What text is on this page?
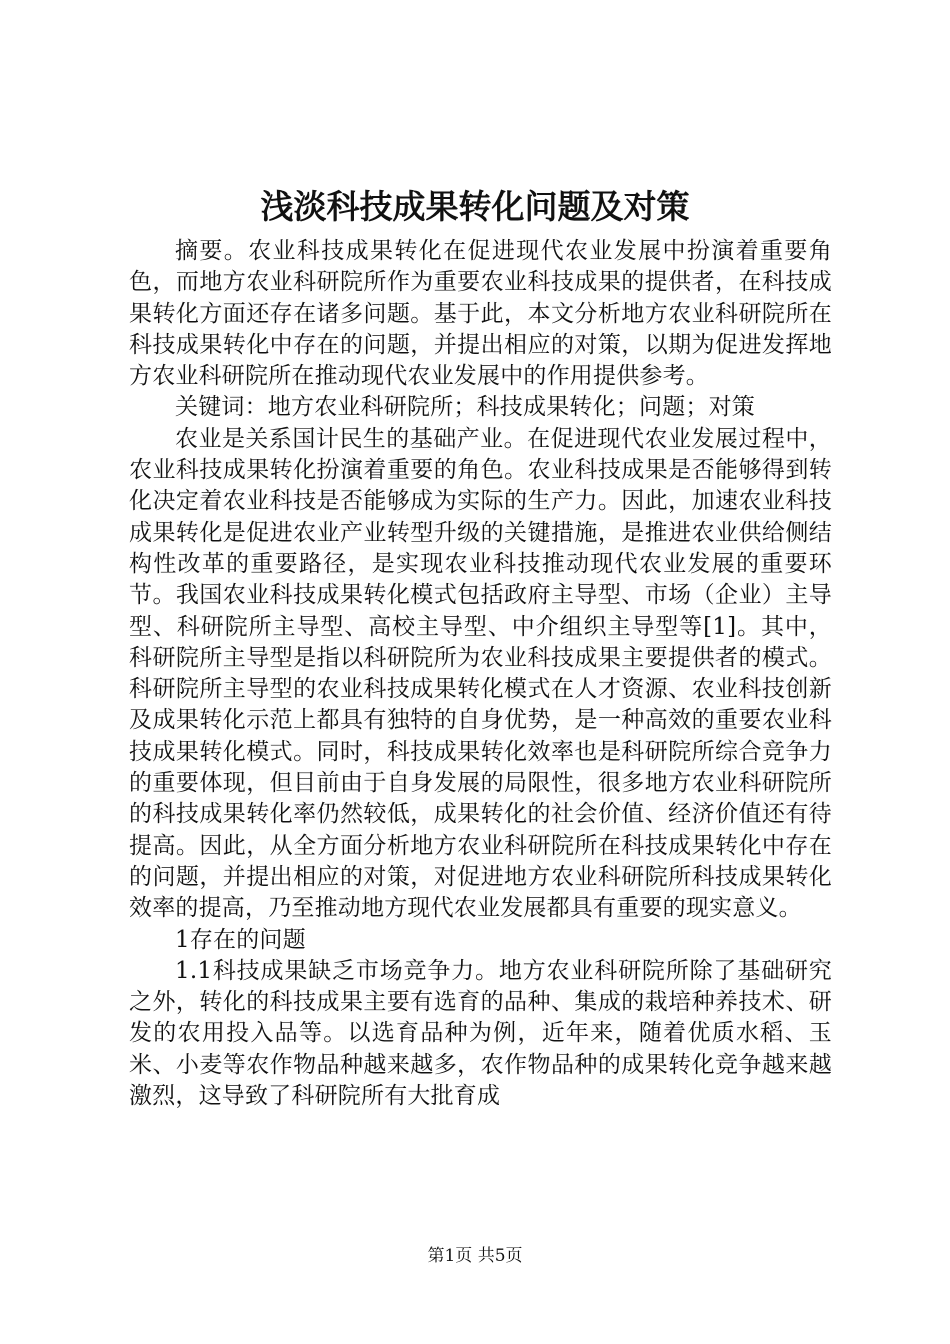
浅淡科技成果转化问题及对策

摘要。农业科技成果转化在促进现代农业发展中扮演着重要角色，而地方农业科研院所作为重要农业科技成果的提供者，在科技成果转化方面还存在诸多问题。基于此，本文分析地方农业科研院所在科技成果转化中存在的问题，并提出相应的对策，以期为促进发挥地方农业科研院所在推动现代农业发展中的作用提供参考。

关键词：地方农业科研院所；科技成果转化；问题；对策

农业是关系国计民生的基础产业。在促进现代农业发展过程中，农业科技成果转化扮演着重要的角色。农业科技成果是否能够得到转化决定着农业科技是否能够成为实际的生产力。因此，加速农业科技成果转化是促进农业产业转型升级的关键措施，是推进农业供给侧结构性改革的重要路径，是实现农业科技推动现代农业发展的重要环节。我国农业科技成果转化模式包括政府主导型、市场（企业）主导型、科研院所主导型、高校主导型、中介组织主导型等[1]。其中，科研院所主导型是指以科研院所为农业科技成果主要提供者的模式。科研院所主导型的农业科技成果转化模式在人才资源、农业科技创新及成果转化示范上都具有独特的自身优势，是一种高效的重要农业科技成果转化模式。同时，科技成果转化效率也是科研院所综合竞争力的重要体现，但目前由于自身发展的局限性，很多地方农业科研院所的科技成果转化率仍然较低，成果转化的社会价值、经济价值还有待提高。因此，从全方面分析地方农业科研院所在科技成果转化中存在的问题，并提出相应的对策，对促进地方农业科研院所科技成果转化效率的提高，乃至推动地方现代农业发展都具有重要的现实意义。

1存在的问题

1.1科技成果缺乏市场竞争力。地方农业科研院所除了基础研究之外，转化的科技成果主要有选育的品种、集成的栽培种养技术、研发的农用投入品等。以选育品种为例，近年来，随着优质水稻、玉米、小麦等农作物品种越来越多，农作物品种的成果转化竞争越来越激烈，这导致了科研院所有大批育成

第1页 共5页
